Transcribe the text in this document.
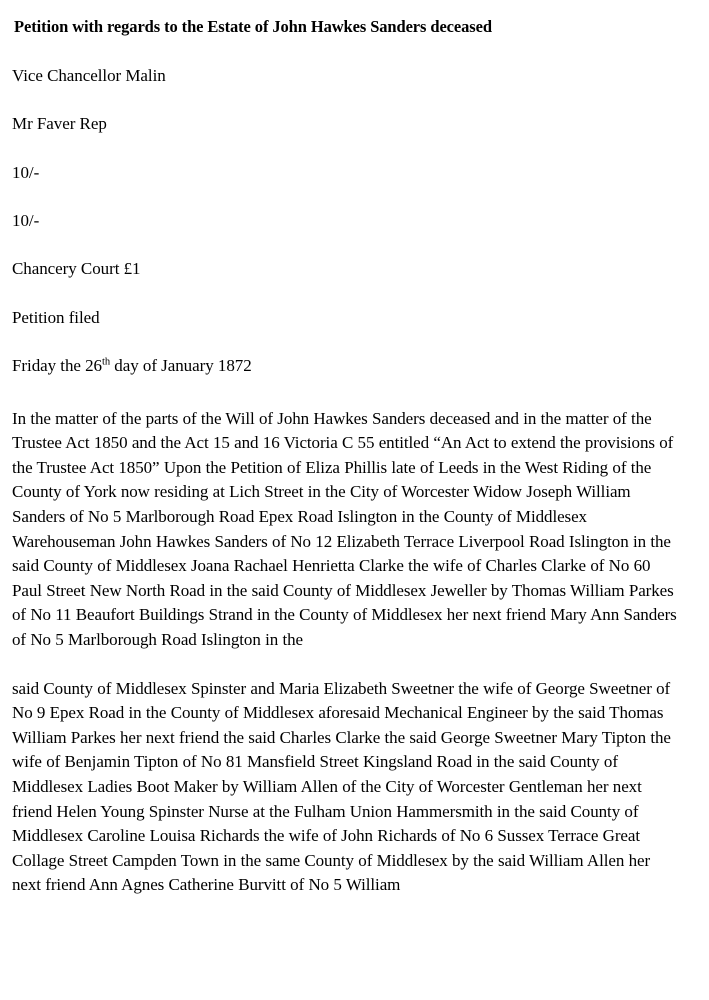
Petition with regards to the Estate of John Hawkes Sanders deceased

Vice Chancellor Malin

Mr Faver Rep

10/-

10/-

Chancery Court £1

Petition filed

Friday the 26th day of January 1872

In the matter of the parts of the Will of John Hawkes Sanders deceased and in the matter of the Trustee Act 1850 and the Act 15 and 16 Victoria C 55 entitled “An Act to extend the provisions of the Trustee Act 1850” Upon the Petition of Eliza Phillis late of Leeds in the West Riding of the County of York now residing at Lich Street in the City of Worcester Widow Joseph William Sanders of No 5 Marlborough Road Epex Road Islington in the County of Middlesex Warehouseman John Hawkes Sanders of No 12 Elizabeth Terrace Liverpool Road Islington in the said County of Middlesex Joana Rachael Henrietta Clarke the wife of Charles Clarke of No 60 Paul Street New North Road in the said County of Middlesex Jeweller by Thomas William Parkes of No 11 Beaufort Buildings Strand in the County of Middlesex her next friend Mary Ann Sanders of No 5 Marlborough Road Islington in the

said County of Middlesex Spinster and Maria Elizabeth Sweetner the wife of George Sweetner of No 9 Epex Road in the County of Middlesex aforesaid Mechanical Engineer by the said Thomas William Parkes her next friend the said Charles Clarke the said George Sweetner Mary Tipton the wife of Benjamin Tipton of No 81 Mansfield Street Kingsland Road in the said County of Middlesex Ladies Boot Maker by William Allen of the City of Worcester Gentleman her next friend Helen Young Spinster Nurse at the Fulham Union Hammersmith in the said County of Middlesex Caroline Louisa Richards the wife of John Richards of No 6 Sussex Terrace Great Collage Street Campden Town in the same County of Middlesex by the said William Allen her next friend Ann Agnes Catherine Burvitt of No 5 William
